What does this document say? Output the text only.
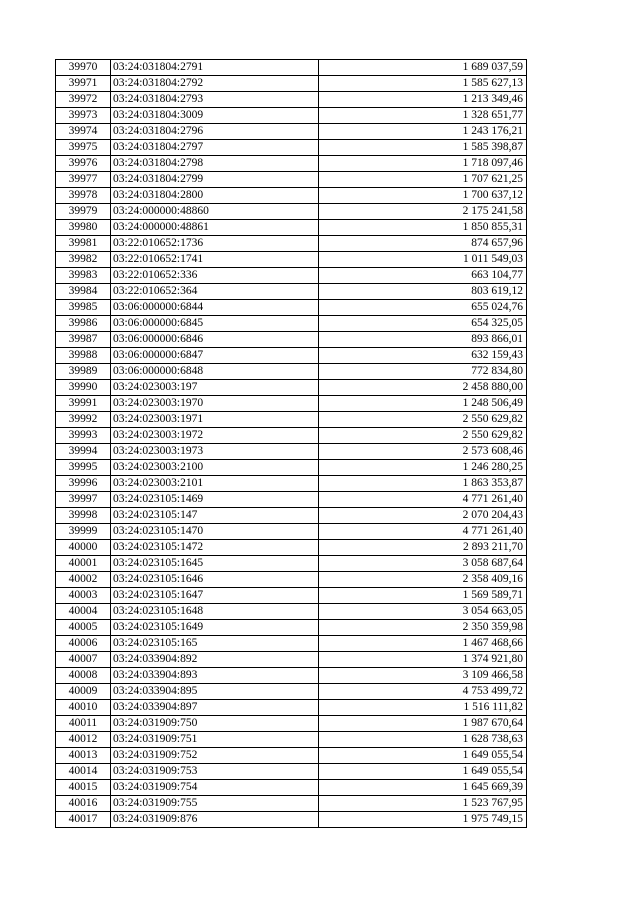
39970	03:24:031804:2791	1 689 037,59
39971	03:24:031804:2792	1 585 627,13
39972	03:24:031804:2793	1 213 349,46
39973	03:24:031804:3009	1 328 651,77
39974	03:24:031804:2796	1 243 176,21
39975	03:24:031804:2797	1 585 398,87
39976	03:24:031804:2798	1 718 097,46
39977	03:24:031804:2799	1 707 621,25
39978	03:24:031804:2800	1 700 637,12
39979	03:24:000000:48860	2 175 241,58
39980	03:24:000000:48861	1 850 855,31
39981	03:22:010652:1736	874 657,96
39982	03:22:010652:1741	1 011 549,03
39983	03:22:010652:336	663 104,77
39984	03:22:010652:364	803 619,12
39985	03:06:000000:6844	655 024,76
39986	03:06:000000:6845	654 325,05
39987	03:06:000000:6846	893 866,01
39988	03:06:000000:6847	632 159,43
39989	03:06:000000:6848	772 834,80
39990	03:24:023003:197	2 458 880,00
39991	03:24:023003:1970	1 248 506,49
39992	03:24:023003:1971	2 550 629,82
39993	03:24:023003:1972	2 550 629,82
39994	03:24:023003:1973	2 573 608,46
39995	03:24:023003:2100	1 246 280,25
39996	03:24:023003:2101	1 863 353,87
39997	03:24:023105:1469	4 771 261,40
39998	03:24:023105:147	2 070 204,43
39999	03:24:023105:1470	4 771 261,40
40000	03:24:023105:1472	2 893 211,70
40001	03:24:023105:1645	3 058 687,64
40002	03:24:023105:1646	2 358 409,16
40003	03:24:023105:1647	1 569 589,71
40004	03:24:023105:1648	3 054 663,05
40005	03:24:023105:1649	2 350 359,98
40006	03:24:023105:165	1 467 468,66
40007	03:24:033904:892	1 374 921,80
40008	03:24:033904:893	3 109 466,58
40009	03:24:033904:895	4 753 499,72
40010	03:24:033904:897	1 516 111,82
40011	03:24:031909:750	1 987 670,64
40012	03:24:031909:751	1 628 738,63
40013	03:24:031909:752	1 649 055,54
40014	03:24:031909:753	1 649 055,54
40015	03:24:031909:754	1 645 669,39
40016	03:24:031909:755	1 523 767,95
40017	03:24:031909:876	1 975 749,15
